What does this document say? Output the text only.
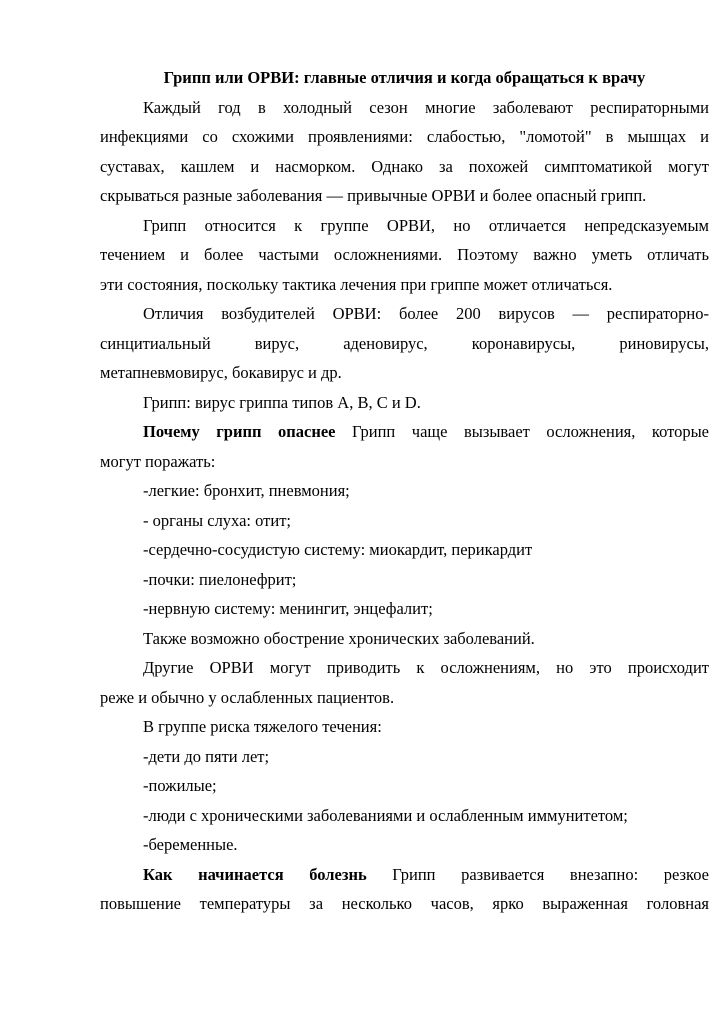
Грипп или ОРВИ: главные отличия и когда обращаться к врачу
Каждый год в холодный сезон многие заболевают респираторными
инфекциями со схожими проявлениями: слабостью, "ломотой" в мышцах и
суставах, кашлем и насморком. Однако за похожей симптоматикой могут
скрываться разные заболевания — привычные ОРВИ и более опасный грипп.
Грипп относится к группе ОРВИ, но отличается непредсказуемым
течением и более частыми осложнениями. Поэтому важно уметь отличать
эти состояния, поскольку тактика лечения при гриппе может отличаться.
Отличия возбудителей ОРВИ: более 200 вирусов — респираторно-
синцитиальный вирус, аденовирус, коронавирусы, риновирусы,
метапневмовирус, бокавирус и др.
Грипп: вирус гриппа типов A, B, C и D.
Почему грипп опаснее Грипп чаще вызывает осложнения, которые
могут поражать:
-легкие: бронхит, пневмония;
- органы слуха: отит;
-сердечно-сосудистую систему: миокардит, перикардит
-почки: пиелонефрит;
-нервную систему: менингит, энцефалит;
Также возможно обострение хронических заболеваний.
Другие ОРВИ могут приводить к осложнениям, но это происходит
реже и обычно у ослабленных пациентов.
В группе риска тяжелого течения:
-дети до пяти лет;
-пожилые;
-люди с хроническими заболеваниями и ослабленным иммунитетом;
-беременные.
Как начинается болезнь Грипп развивается внезапно: резкое
повышение температуры за несколько часов, ярко выраженная головная
